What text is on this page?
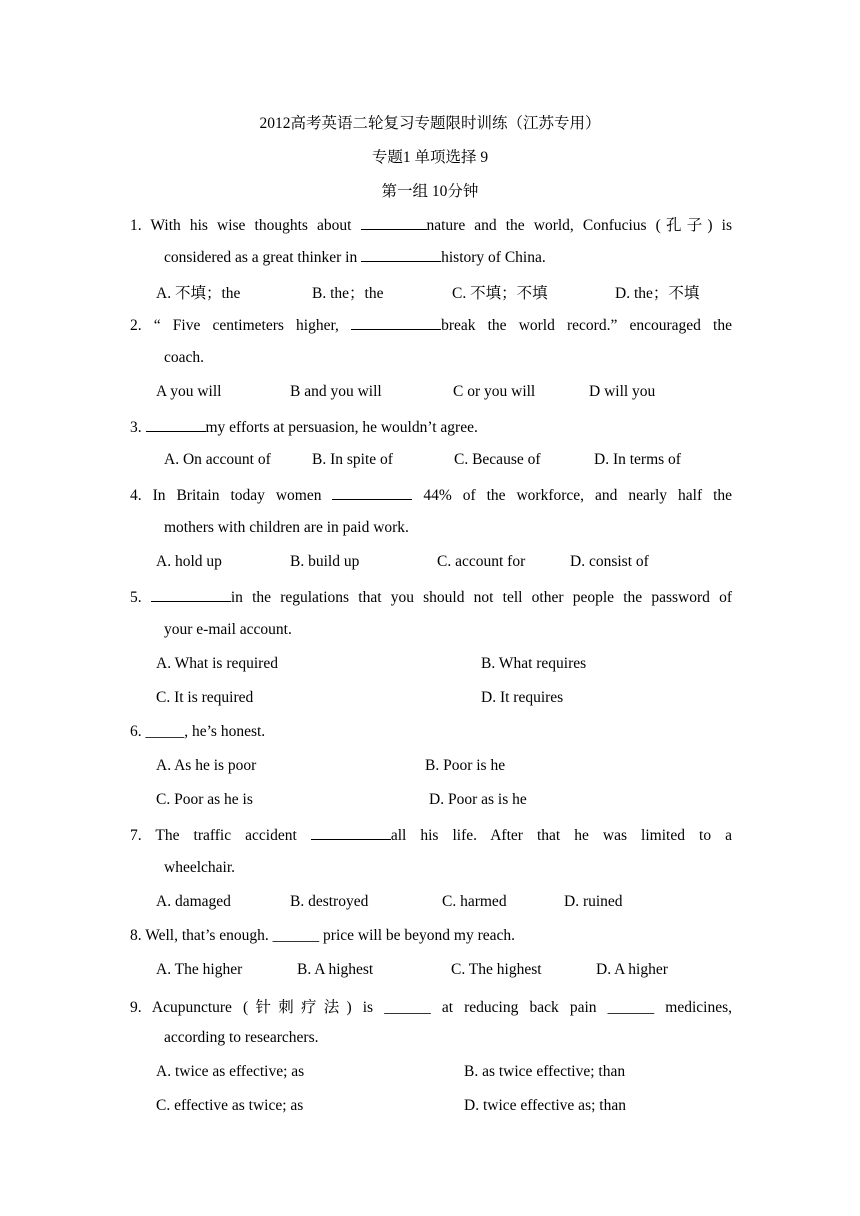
2012高考英语二轮复习专题限时训练（江苏专用）
专题1 单项选择 9
第一组 10分钟
1. With his wise thoughts about	nature and the world, Confucius (孔子) is
considered as a great thinker in	history of China.
A. 不填；the	B. the；the	C. 不填；不填	D. the；不填
2. “ Five centimeters higher,	break the world record.” encouraged the
coach.
A you will	B and you will	C or you will	D will you
3.	my efforts at persuasion, he wouldn’t agree.
A. On account of	B. In spite of	C. Because of	D. In terms of
4. In Britain today women	44% of the workforce, and nearly half the
mothers with children are in paid work.
A. hold up	B. build up	C. account for	D. consist of
5.	in the regulations that you should not tell other people the password of
your e-mail account.
A. What is required	B. What requires
C. It is required	D. It requires
6. _____, he’s honest.
A. As he is poor	B. Poor is he
C. Poor as he is	D. Poor as is he
7. The traffic accident	all his life. After that he was limited to a
wheelchair.
A. damaged	B. destroyed	C. harmed	D. ruined
8. Well, that’s enough. ______ price will be beyond my reach.
A. The higher	B. A highest	C. The highest	D. A higher
9. Acupuncture (针刺疗法) is ______ at reducing back pain ______ medicines,
according to researchers.
A. twice as effective; as	B. as twice effective; than
C. effective as twice; as	D. twice effective as; than
